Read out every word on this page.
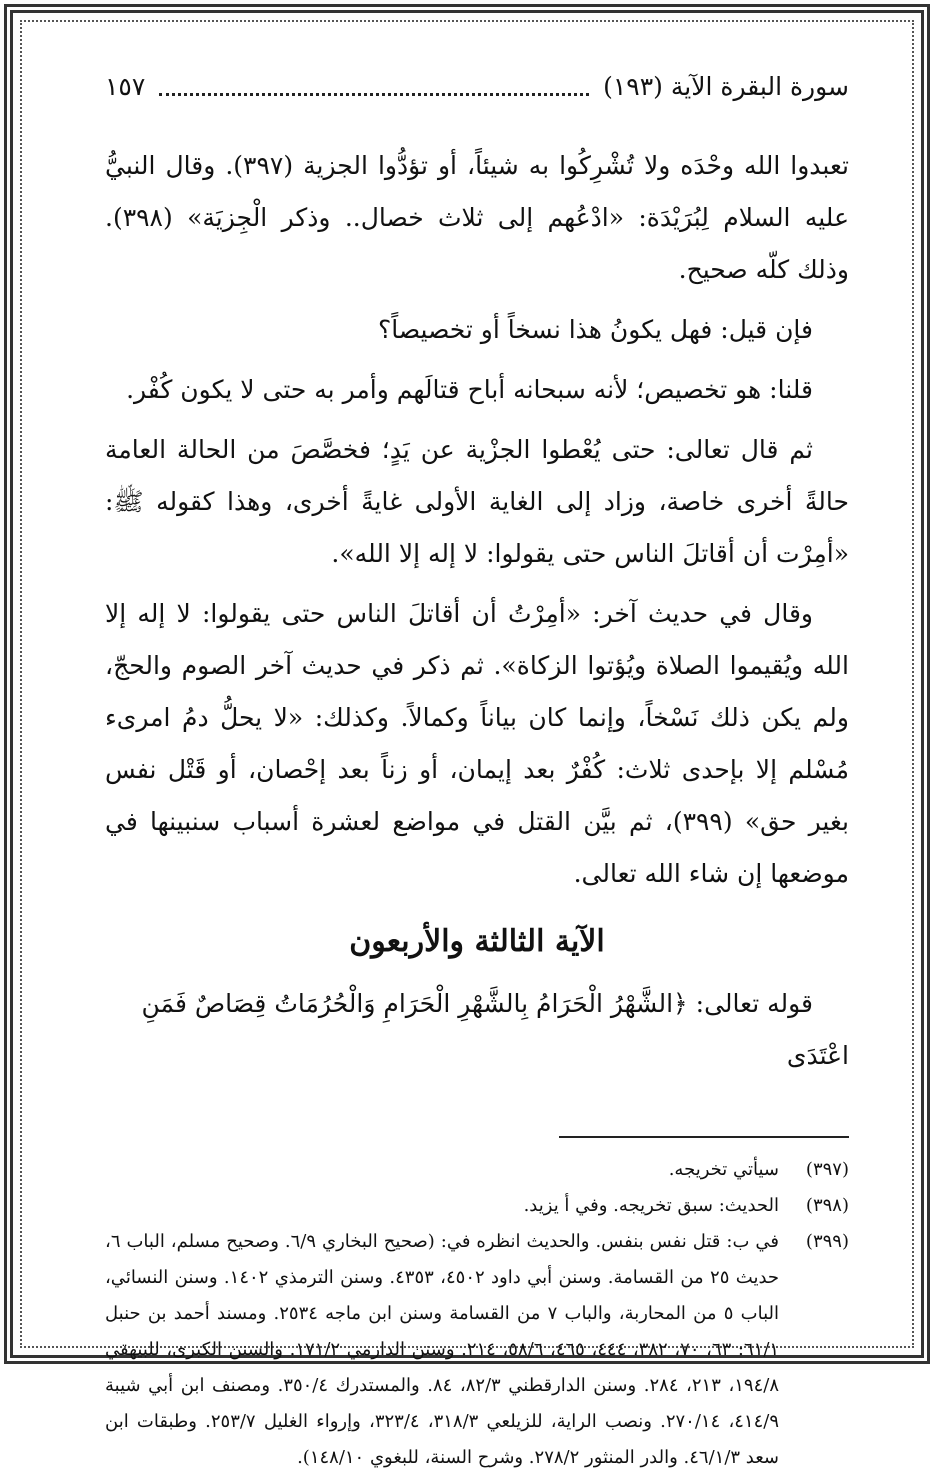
سورة البقرة الآية (١٩٣)
١٥٧

تعبدوا الله وحْدَه ولا تُشْرِكُوا به شيئاً، أو تؤدُّوا الجزية (٣٩٧). وقال النبيُّ عليه السلام لِبُرَيْدَة: «ادْعُهم إلى ثلاث خصال.. وذكر الْجِزيَة» (٣٩٨). وذلك كلّه صحيح.

فإن قيل: فهل يكونُ هذا نسخاً أو تخصيصاً؟

قلنا: هو تخصيص؛ لأنه سبحانه أباح قتالَهم وأمر به حتى لا يكون كُفْر.

ثم قال تعالى: حتى يُعْطوا الجزْية عن يَدٍ؛ فخصَّصَ من الحالة العامة حالةً أخرى خاصة، وزاد إلى الغاية الأولى غايةً أخرى، وهذا كقوله ﷺ: «أمِرْت أن أقاتلَ الناس حتى يقولوا: لا إله إلا الله».

وقال في حديث آخر: «أمِرْتُ أن أقاتلَ الناس حتى يقولوا: لا إله إلا الله ويُقيموا الصلاة ويُؤتوا الزكاة». ثم ذكر في حديث آخر الصوم والحجّ، ولم يكن ذلك نَسْخاً، وإنما كان بياناً وكمالاً. وكذلك: «لا يحلُّ دمُ امرىء مُسْلم إلا بإحدى ثلاث: كُفْرٌ بعد إيمان، أو زناً بعد إحْصان، أو قَتْل نفس بغير حق» (٣٩٩)، ثم بيَّن القتل في مواضع لعشرة أسباب سنبينها في موضعها إن شاء الله تعالى.

الآية الثالثة والأربعون
قوله تعالى: ﴿الشَّهْرُ الْحَرَامُ بِالشَّهْرِ الْحَرَامِ وَالْحُرُمَاتُ قِصَاصٌ فَمَنِ اعْتَدَى
(٣٩٧)
سيأتي تخريجه.
(٣٩٨)
الحديث: سبق تخريجه. وفي أ يزيد.
(٣٩٩)
في ب: قتل نفس بنفس. والحديث انظره في: (صحيح البخاري ٦/٩. وصحيح مسلم، الباب ٦، حديث ٢٥ من القسامة. وسنن أبي داود ٤٥٠٢، ٤٣٥٣. وسنن الترمذي ١٤٠٢. وسنن النسائي، الباب ٥ من المحاربة، والباب ٧ من القسامة وسنن ابن ماجه ٢٥٣٤. ومسند أحمد بن حنبل ٦١/١: ٦٣، ٧٠، ٣٨٢، ٤٤٤، ٤٦٥، ٥٨/٦، ٢١٤. وسنن الدارمي ١٧١/٢. والسنن الكبرى، للبيهقي ١٩٤/٨، ٢١٣، ٢٨٤. وسنن الدارقطني ٨٢/٣، ٨٤. والمستدرك ٣٥٠/٤. ومصنف ابن أبي شيبة ٤١٤/٩، ٢٧٠/١٤. ونصب الراية، للزيلعي ٣١٨/٣، ٣٢٣/٤، وإرواء الغليل ٢٥٣/٧. وطبقات ابن سعد ٤٦/١/٣. والدر المنثور ٢٧٨/٢. وشرح السنة، للبغوي ١٤٨/١٠).
